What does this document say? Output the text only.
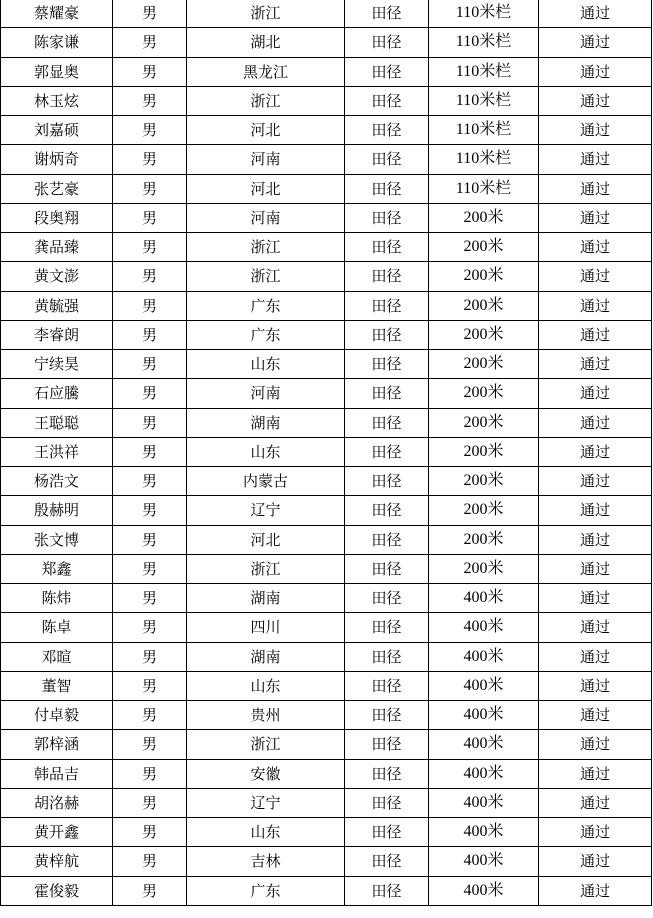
蔡耀豪	男	浙江	田径	110米栏	通过
陈家谦	男	湖北	田径	110米栏	通过
郭显奥	男	黑龙江	田径	110米栏	通过
林玉炫	男	浙江	田径	110米栏	通过
刘嘉硕	男	河北	田径	110米栏	通过
谢炳奇	男	河南	田径	110米栏	通过
张艺豪	男	河北	田径	110米栏	通过
段奥翔	男	河南	田径	200米	通过
龚品臻	男	浙江	田径	200米	通过
黄文澎	男	浙江	田径	200米	通过
黄毓强	男	广东	田径	200米	通过
李睿朗	男	广东	田径	200米	通过
宁续昊	男	山东	田径	200米	通过
石应騰	男	河南	田径	200米	通过
王聪聪	男	湖南	田径	200米	通过
王洪祥	男	山东	田径	200米	通过
杨浩文	男	内蒙古	田径	200米	通过
殷赫明	男	辽宁	田径	200米	通过
张文博	男	河北	田径	200米	通过
郑鑫	男	浙江	田径	200米	通过
陈炜	男	湖南	田径	400米	通过
陈卓	男	四川	田径	400米	通过
邓暄	男	湖南	田径	400米	通过
董智	男	山东	田径	400米	通过
付卓毅	男	贵州	田径	400米	通过
郭梓涵	男	浙江	田径	400米	通过
韩品吉	男	安徽	田径	400米	通过
胡洺赫	男	辽宁	田径	400米	通过
黄开鑫	男	山东	田径	400米	通过
黄梓航	男	吉林	田径	400米	通过
霍俊毅	男	广东	田径	400米	通过
